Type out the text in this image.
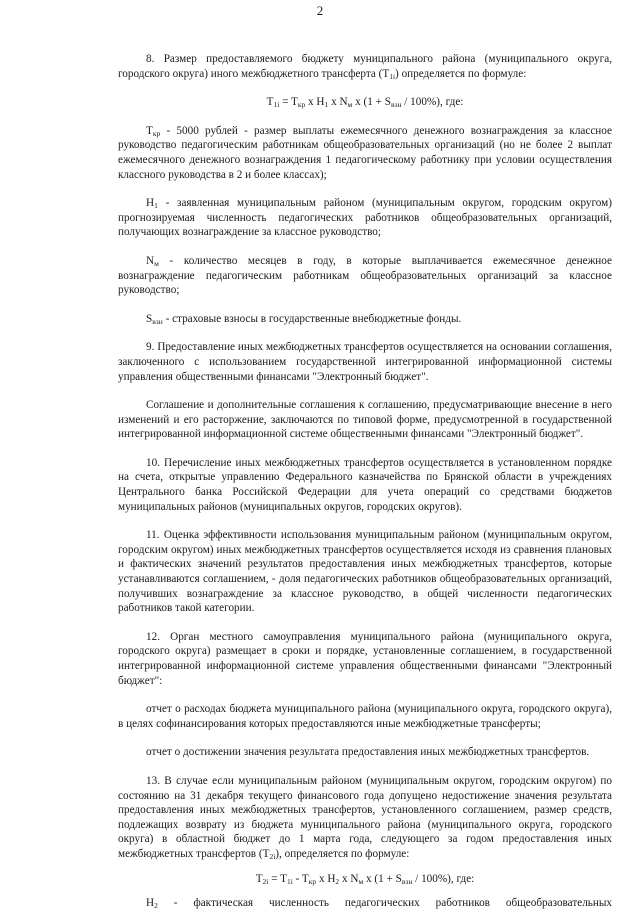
2

8. Размер предоставляемого бюджету муниципального района (муниципального округа, городского округа) иного межбюджетного трансферта $(T_{1i})$ определяется по формуле:

$T_{1i} = T_{кр}$ x $H_1$ x $N_м$ x $(1 + S_{взн} / 100\%)$, где:

$T_{кр} - 5000$ рублей - размер выплаты ежемесячного денежного вознаграждения за классное руководство педагогическим работникам общеобразовательных организаций (но не более 2 выплат ежемесячного денежного вознаграждения 1 педагогическому работнику при условии осуществления классного руководства в 2 и более классах);

$H_1$ - заявленная муниципальным районом (муниципальным округом, городским округом) прогнозируемая численность педагогических работников общеобразовательных организаций, получающих вознаграждение за классное руководство;

$N_м$ - количество месяцев в году, в которые выплачивается ежемесячное денежное вознаграждение педагогическим работникам общеобразовательных организаций за классное руководство;

$S_{взн}$ - страховые взносы в государственные внебюджетные фонды.

9. Предоставление иных межбюджетных трансфертов осуществляется на основании соглашения, заключенного с использованием государственной интегрированной информационной системы управления общественными финансами "Электронный бюджет".

Соглашение и дополнительные соглашения к соглашению, предусматривающие внесение в него изменений и его расторжение, заключаются по типовой форме, предусмотренной в государственной интегрированной информационной системе общественными финансами "Электронный бюджет".

10. Перечисление иных межбюджетных трансфертов осуществляется в установленном порядке на счета, открытые управлению Федерального казначейства по Брянской области в учреждениях Центрального банка Российской Федерации для учета операций со средствами бюджетов муниципальных районов (муниципальных округов, городских округов).

11. Оценка эффективности использования муниципальным районом (муниципальным округом, городским округом) иных межбюджетных трансфертов осуществляется исходя из сравнения плановых и фактических значений результатов предоставления иных межбюджетных трансфертов, которые устанавливаются соглашением, - доля педагогических работников общеобразовательных организаций, получивших вознаграждение за классное руководство, в общей численности педагогических работников такой категории.

12. Орган местного самоуправления муниципального района (муниципального округа, городского округа) размещает в сроки и порядке, установленные соглашением, в государственной интегрированной информационной системе управления общественными финансами "Электронный бюджет":

отчет о расходах бюджета муниципального района (муниципального округа, городского округа), в целях софинансирования которых предоставляются иные межбюджетные трансферты;

отчет о достижении значения результата предоставления иных межбюджетных трансфертов.

13. В случае если муниципальным районом (муниципальным округом, городским округом) по состоянию на 31 декабря текущего финансового года допущено недостижение значения результата предоставления иных межбюджетных трансфертов, установленного соглашением, размер средств, подлежащих возврату из бюджета муниципального района (муниципального округа, городского округа) в областной бюджет до 1 марта года, следующего за годом предоставления иных межбюджетных трансфертов $(T_{2i})$, определяется по формуле:

$T_{2i} = T_{1i} - T_{кр}$ x $H_2$ x $N_м$ x $(1 + S_{взн} / 100\%)$, где:

$H_2$ - фактическая численность педагогических работников общеобразовательных
